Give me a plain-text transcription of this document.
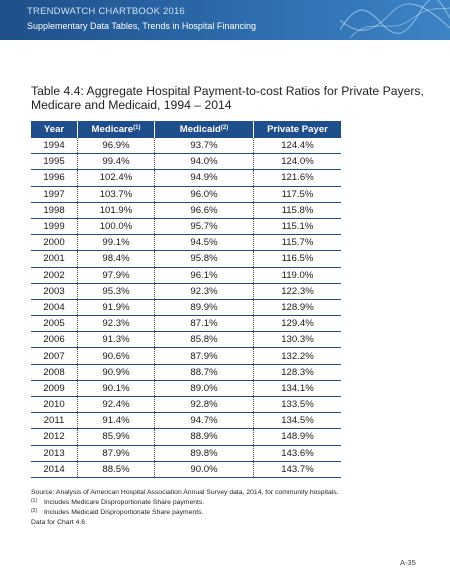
TRENDWATCH CHARTBOOK 2016
Supplementary Data Tables, Trends in Hospital Financing
Table 4.4: Aggregate Hospital Payment-to-cost Ratios for Private Payers, Medicare and Medicaid, 1994 – 2014
Year	Medicare$^{(1)}$	Medicaid$^{(2)}$	Private Payer
1994	96.9%	93.7%	124.4%
1995	99.4%	94.0%	124.0%
1996	102.4%	94.9%	121.6%
1997	103.7%	96.0%	117.5%
1998	101.9%	96.6%	115.8%
1999	100.0%	95.7%	115.1%
2000	99.1%	94.5%	115.7%
2001	98.4%	95.8%	116.5%
2002	97.9%	96.1%	119.0%
2003	95.3%	92.3%	122.3%
2004	91.9%	89.9%	128.9%
2005	92.3%	87.1%	129.4%
2006	91.3%	85.8%	130.3%
2007	90.6%	87.9%	132.2%
2008	90.9%	88.7%	128.3%
2009	90.1%	89.0%	134.1%
2010	92.4%	92.8%	133.5%
2011	91.4%	94.7%	134.5%
2012	85.9%	88.9%	148.9%
2013	87.9%	89.8%	143.6%
2014	88.5%	90.0%	143.7%
Source: Analysis of American Hospital Association Annual Survey data, 2014, for community hospitals.
(1) Includes Medicare Disproportionate Share payments.
(2) Includes Medicaid Disproportionate Share payments.
Data for Chart 4.6
A-35
